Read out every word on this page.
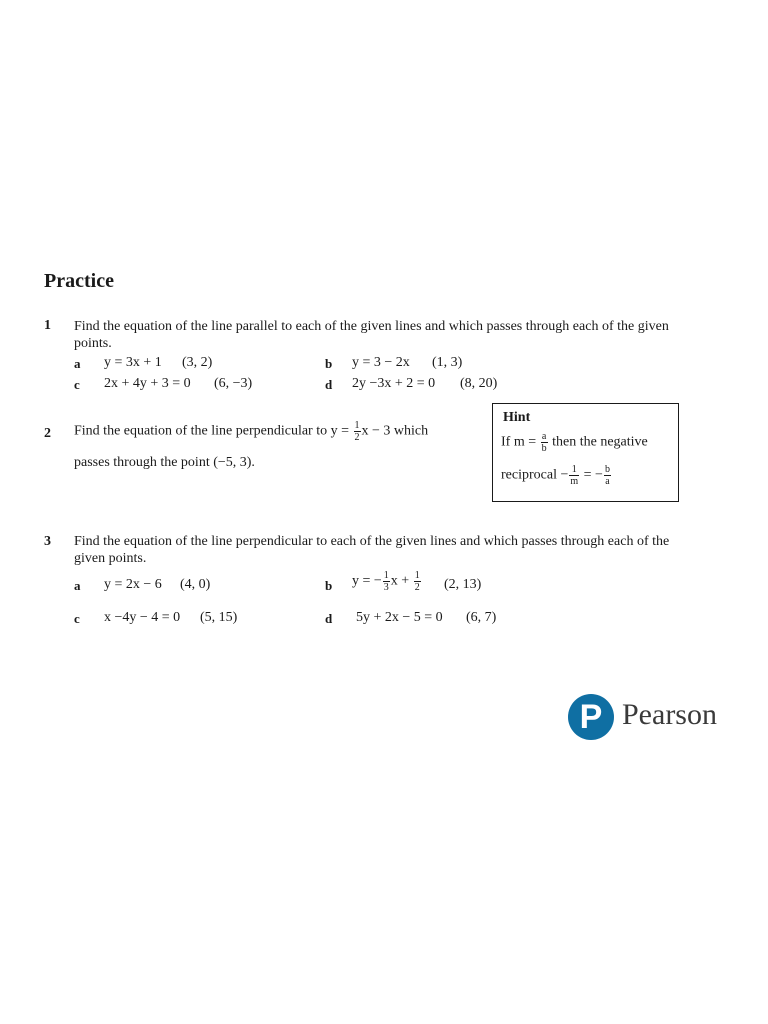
Practice
1 Find the equation of the line parallel to each of the given lines and which passes through each of the given points.
a y = 3x + 1 (3, 2)	b y = 3 − 2x (1, 3)
c 2x + 4y + 3 = 0 (6, −3)	d 2y −3x + 2 = 0 (8, 20)
2 Find the equation of the line perpendicular to $y = \frac{1}{2}$ x − 3 which
passes through the point (−5, 3).
Hint
If $m = \frac{a}{b}$ then the negative
reciprocal − $\frac{1}{m}$ = − $\frac{b}{a}$
3 Find the equation of the line perpendicular to each of the given lines and which passes through each of the given points.
a y = 2x − 6 (4, 0)	b y = − $\frac{1}{3}$ $x + \frac{1}{2} (2$, 13)
c x −4y − 4 = 0 (5, 15)	d 5y + 2x − 5 = 0 (6, 7)
P Pearson
